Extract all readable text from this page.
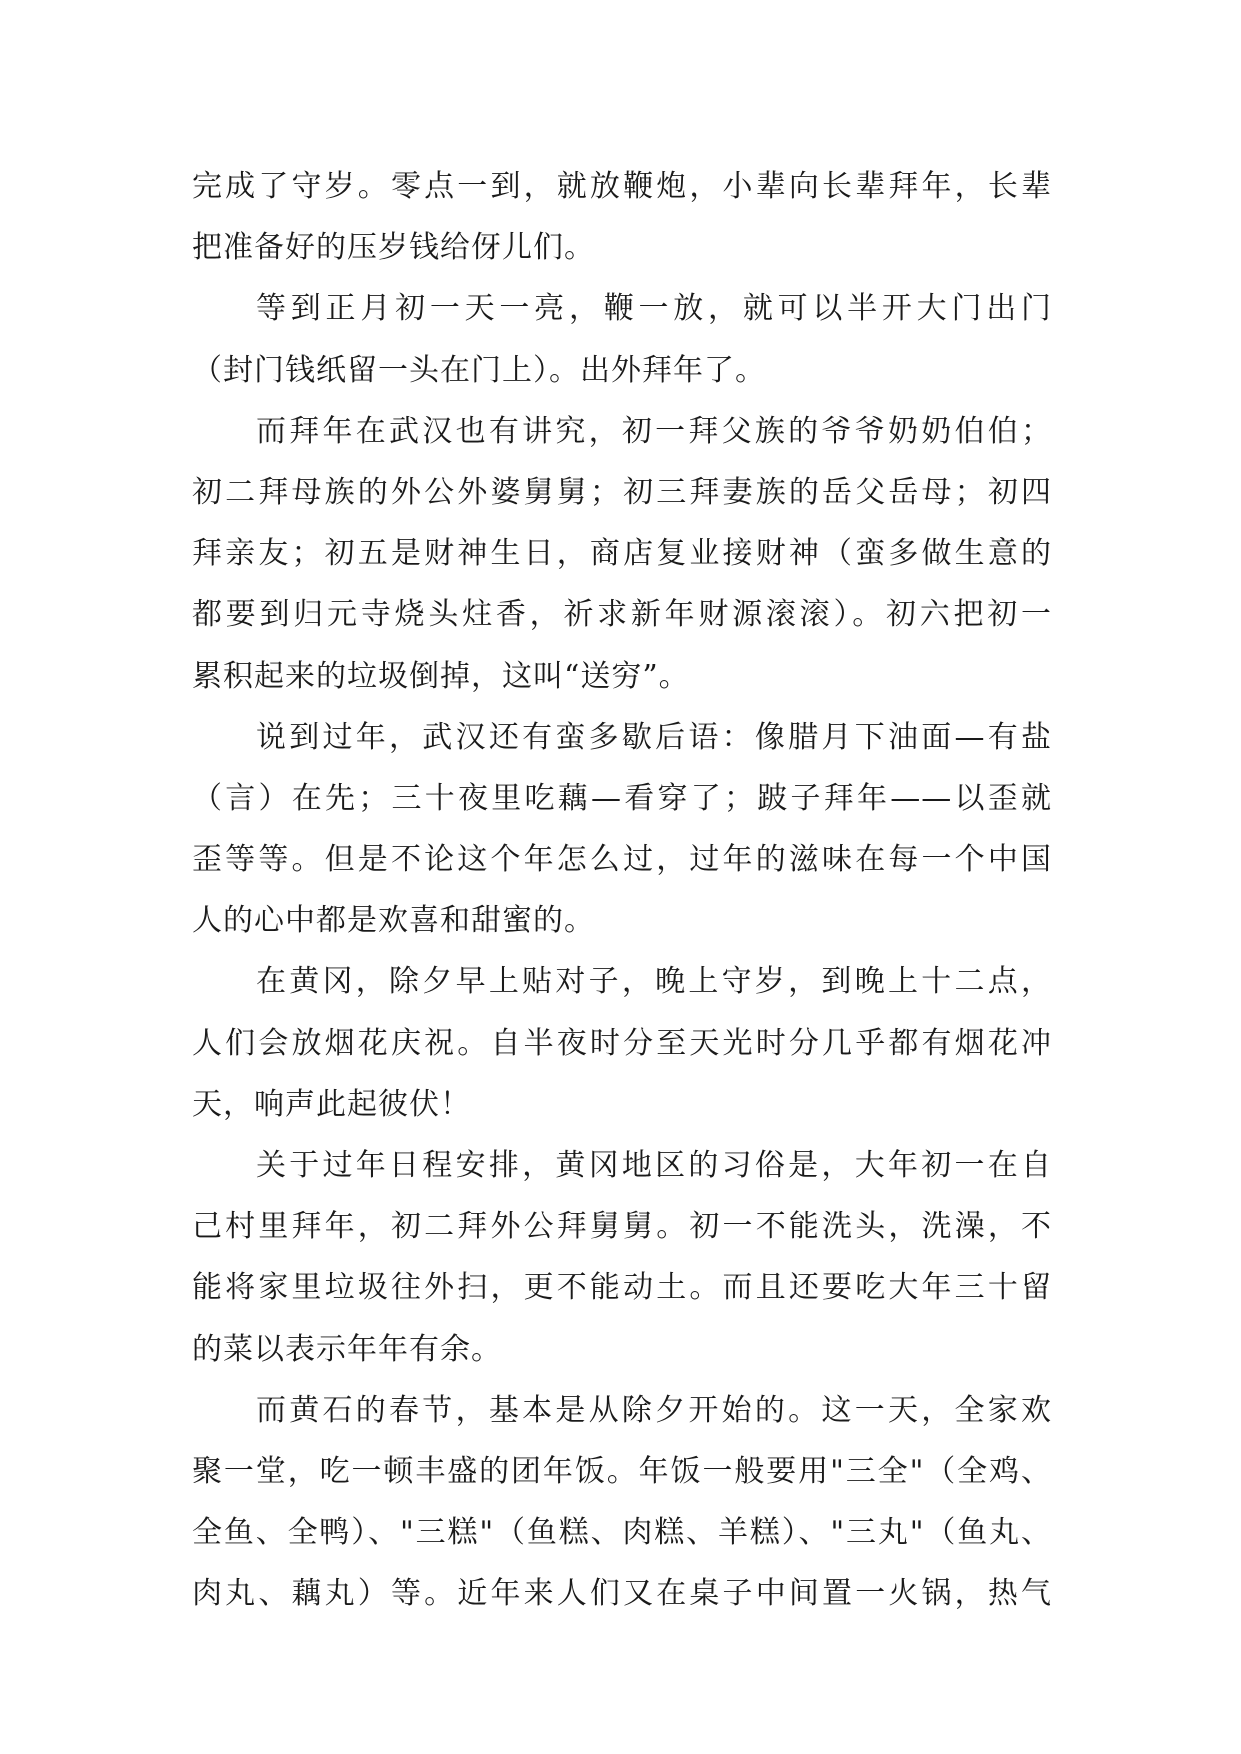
完成了守岁。零点一到，就放鞭炮，小辈向长辈拜年，长辈
把准备好的压岁钱给伢儿们。
等到正月初一天一亮，鞭一放，就可以半开大门出门
（封门钱纸留一头在门上）。出外拜年了。
而拜年在武汉也有讲究，初一拜父族的爷爷奶奶伯伯；
初二拜母族的外公外婆舅舅；初三拜妻族的岳父岳母；初四
拜亲友；初五是财神生日，商店复业接财神（蛮多做生意的
都要到归元寺烧头炷香，祈求新年财源滚滚）。初六把初一
累积起来的垃圾倒掉，这叫“送穷”。
说到过年，武汉还有蛮多歇后语：像腊月下油面—有盐
（言）在先；三十夜里吃藕—看穿了；跛子拜年——以歪就
歪等等。但是不论这个年怎么过，过年的滋味在每一个中国
人的心中都是欢喜和甜蜜的。
在黄冈，除夕早上贴对子，晚上守岁，到晚上十二点，
人们会放烟花庆祝。自半夜时分至天光时分几乎都有烟花冲
天，响声此起彼伏！
关于过年日程安排，黄冈地区的习俗是，大年初一在自
己村里拜年，初二拜外公拜舅舅。初一不能洗头，洗澡，不
能将家里垃圾往外扫，更不能动土。而且还要吃大年三十留
的菜以表示年年有余。
而黄石的春节，基本是从除夕开始的。这一天，全家欢
聚一堂，吃一顿丰盛的团年饭。年饭一般要用"三全"（全鸡、
全鱼、全鸭）、"三糕"（鱼糕、肉糕、羊糕）、"三丸"（鱼丸、
肉丸、藕丸）等。近年来人们又在桌子中间置一火锅，热气
